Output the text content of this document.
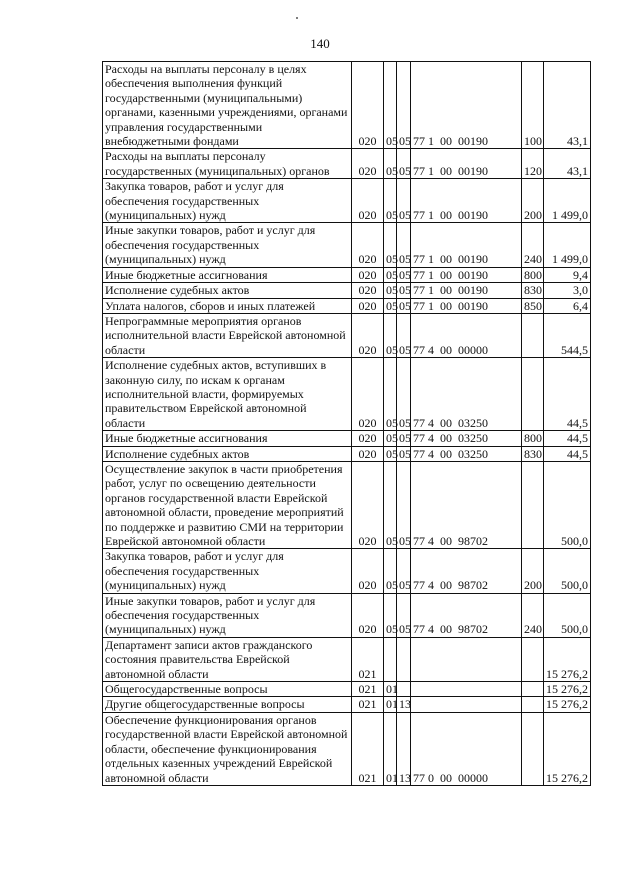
140
Расходы на выплаты персоналу в целях обеспечения выполнения функций государственными (муниципальными) органами, казенными учреждениями, органами управления государственными внебюджетными фондами	020	05	05	77 1  00  00190	100	43,1
Расходы на выплаты персоналу государственных (муниципальных) органов	020	05	05	77 1  00  00190	120	43,1
Закупка товаров, работ и услуг для обеспечения государственных (муниципальных) нужд	020	05	05	77 1  00  00190	200	1 499,0
Иные закупки товаров, работ и услуг для обеспечения государственных (муниципальных) нужд	020	05	05	77 1  00  00190	240	1 499,0
Иные бюджетные ассигнования	020	05	05	77 1  00  00190	800	9,4
Исполнение судебных актов	020	05	05	77 1  00  00190	830	3,0
Уплата налогов, сборов и иных платежей	020	05	05	77 1  00  00190	850	6,4
Непрограммные мероприятия органов исполнительной власти Еврейской автономной области	020	05	05	77 4  00  00000		544,5
Исполнение судебных актов, вступивших в законную силу, по искам к органам исполнительной власти, формируемых правительством Еврейской автономной области	020	05	05	77 4  00  03250		44,5
Иные бюджетные ассигнования	020	05	05	77 4  00  03250	800	44,5
Исполнение судебных актов	020	05	05	77 4  00  03250	830	44,5
Осуществление закупок в части приобретения работ, услуг по освещению деятельности органов государственной власти Еврейской автономной области, проведение мероприятий по поддержке и развитию СМИ на территории Еврейской автономной области	020	05	05	77 4  00  98702		500,0
Закупка товаров, работ и услуг для обеспечения государственных (муниципальных) нужд	020	05	05	77 4  00  98702	200	500,0
Иные закупки товаров, работ и услуг для обеспечения государственных (муниципальных) нужд	020	05	05	77 4  00  98702	240	500,0
Департамент записи актов гражданского состояния правительства Еврейской автономной области	021					15 276,2
Общегосударственные вопросы	021	01				15 276,2
Другие общегосударственные вопросы	021	01	13			15 276,2
Обеспечение функционирования органов государственной власти Еврейской автономной области, обеспечение функционирования отдельных казенных учреждений Еврейской автономной области	021	01	13	77 0  00  00000		15 276,2
